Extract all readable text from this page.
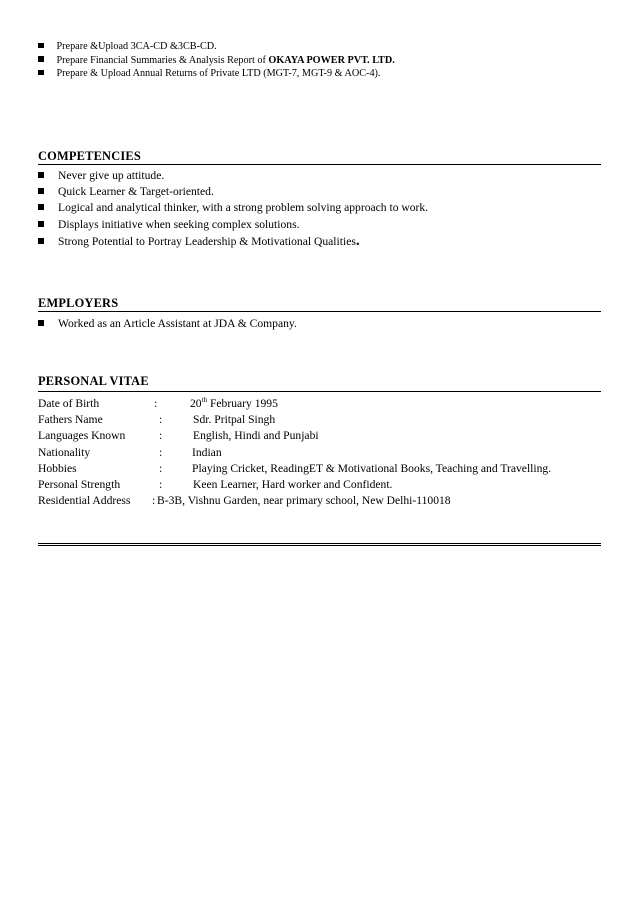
Prepare &Upload 3CA-CD &3CB-CD.
Prepare Financial Summaries & Analysis Report of OKAYA POWER PVT. LTD.
Prepare & Upload Annual Returns of Private LTD (MGT-7, MGT-9 & AOC-4).
COMPETENCIES
Never give up attitude.
Quick Learner & Target-oriented.
Logical and analytical thinker, with a strong problem solving approach to work.
Displays initiative when seeking complex solutions.
Strong Potential to Portray Leadership & Motivational Qualities .
EMPLOYERS
Worked as an Article Assistant at JDA & Company.
PERSONAL VITAE
Date of Birth	:	20th February 1995
Fathers Name	:	Sdr. Pritpal Singh
Languages Known	:	English, Hindi and Punjabi
Nationality	:	Indian
Hobbies	:	Playing Cricket, ReadingET & Motivational Books, Teaching and Travelling.
Personal Strength	:	Keen Learner, Hard worker and Confident.
Residential Address : B-3B, Vishnu Garden, near primary school, New Delhi-110018
